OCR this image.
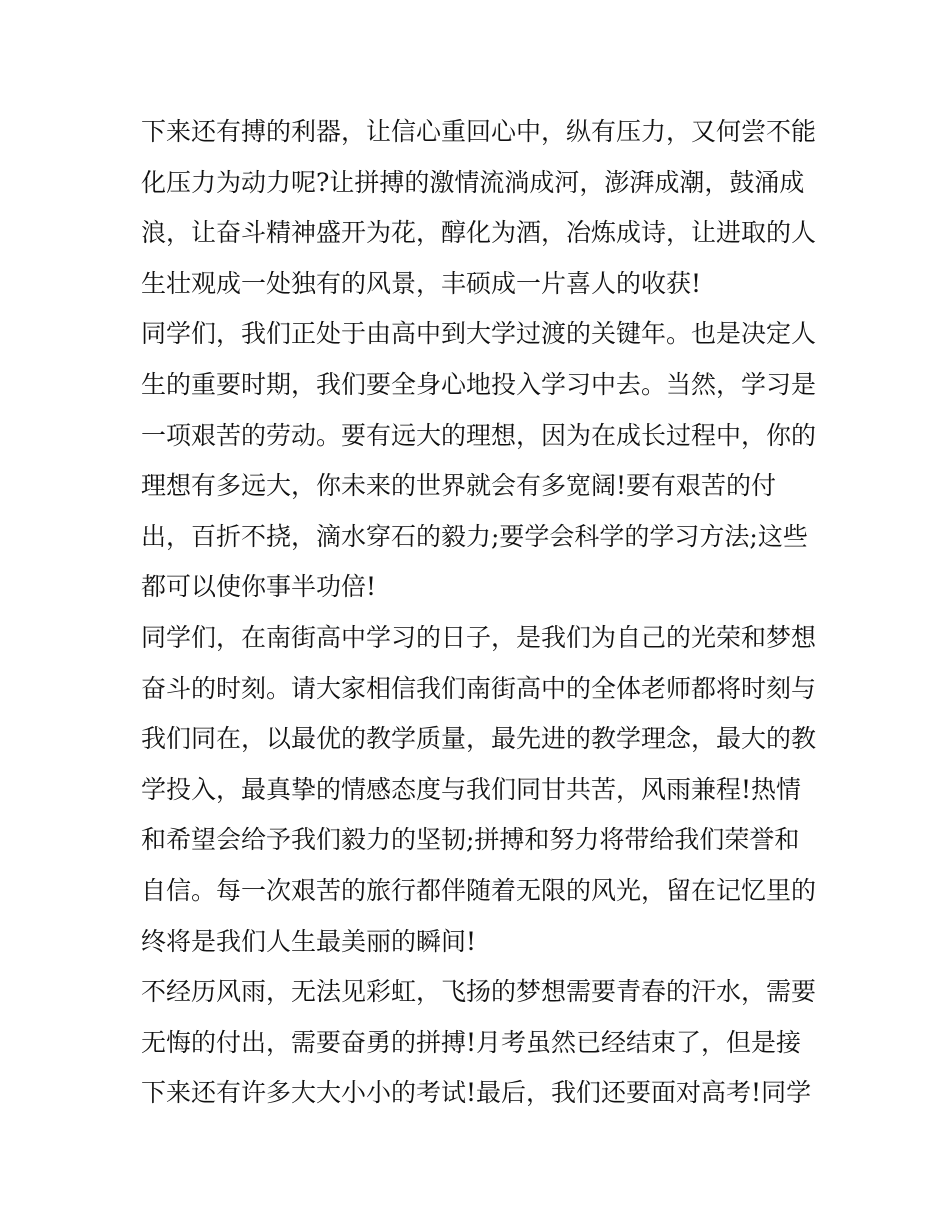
下来还有搏的利器，让信心重回心中，纵有压力，又何尝不能
化压力为动力呢?让拼搏的激情流淌成河，澎湃成潮，鼓涌成
浪，让奋斗精神盛开为花，醇化为酒，冶炼成诗，让进取的人
生壮观成一处独有的风景，丰硕成一片喜人的收获!
同学们，我们正处于由高中到大学过渡的关键年。也是决定人
生的重要时期，我们要全身心地投入学习中去。当然，学习是
一项艰苦的劳动。要有远大的理想，因为在成长过程中，你的
理想有多远大，你未来的世界就会有多宽阔!要有艰苦的付
出，百折不挠，滴水穿石的毅力;要学会科学的学习方法;这些
都可以使你事半功倍!
同学们，在南街高中学习的日子，是我们为自己的光荣和梦想
奋斗的时刻。请大家相信我们南街高中的全体老师都将时刻与
我们同在，以最优的教学质量，最先进的教学理念，最大的教
学投入，最真挚的情感态度与我们同甘共苦，风雨兼程!热情
和希望会给予我们毅力的坚韧;拼搏和努力将带给我们荣誉和
自信。每一次艰苦的旅行都伴随着无限的风光，留在记忆里的
终将是我们人生最美丽的瞬间!
不经历风雨，无法见彩虹，飞扬的梦想需要青春的汗水，需要
无悔的付出，需要奋勇的拼搏!月考虽然已经结束了，但是接
下来还有许多大大小小的考试!最后，我们还要面对高考!同学
